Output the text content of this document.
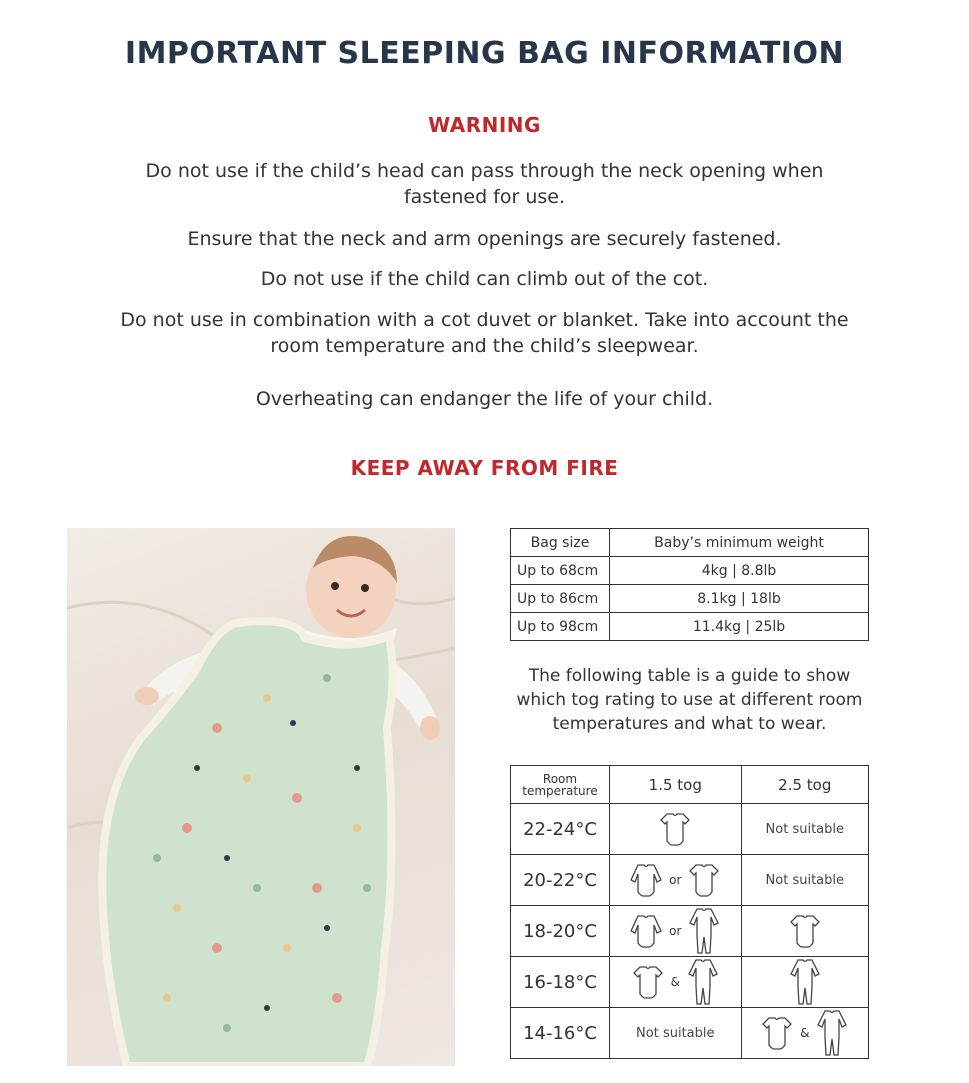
IMPORTANT SLEEPING BAG INFORMATION
WARNING
Do not use if the child’s head can pass through the neck opening when fastened for use.
Ensure that the neck and arm openings are securely fastened.
Do not use if the child can climb out of the cot.
Do not use in combination with a cot duvet or blanket. Take into account the room temperature and the child’s sleepwear.
Overheating can endanger the life of your child.
KEEP AWAY FROM FIRE
Bag size	Baby’s minimum weight
Up to 68cm	4kg | 8.8lb
Up to 86cm	8.1kg | 18lb
Up to 98cm	11.4kg | 25lb
The following table is a guide to show which tog rating to use at different room temperatures and what to wear.
Room temperature	1.5 tog	2.5 tog
22-24°C		Not suitable
20-22°C	or	Not suitable
18-20°C	or

16-18°C	&

14-16°C	Not suitable	&
